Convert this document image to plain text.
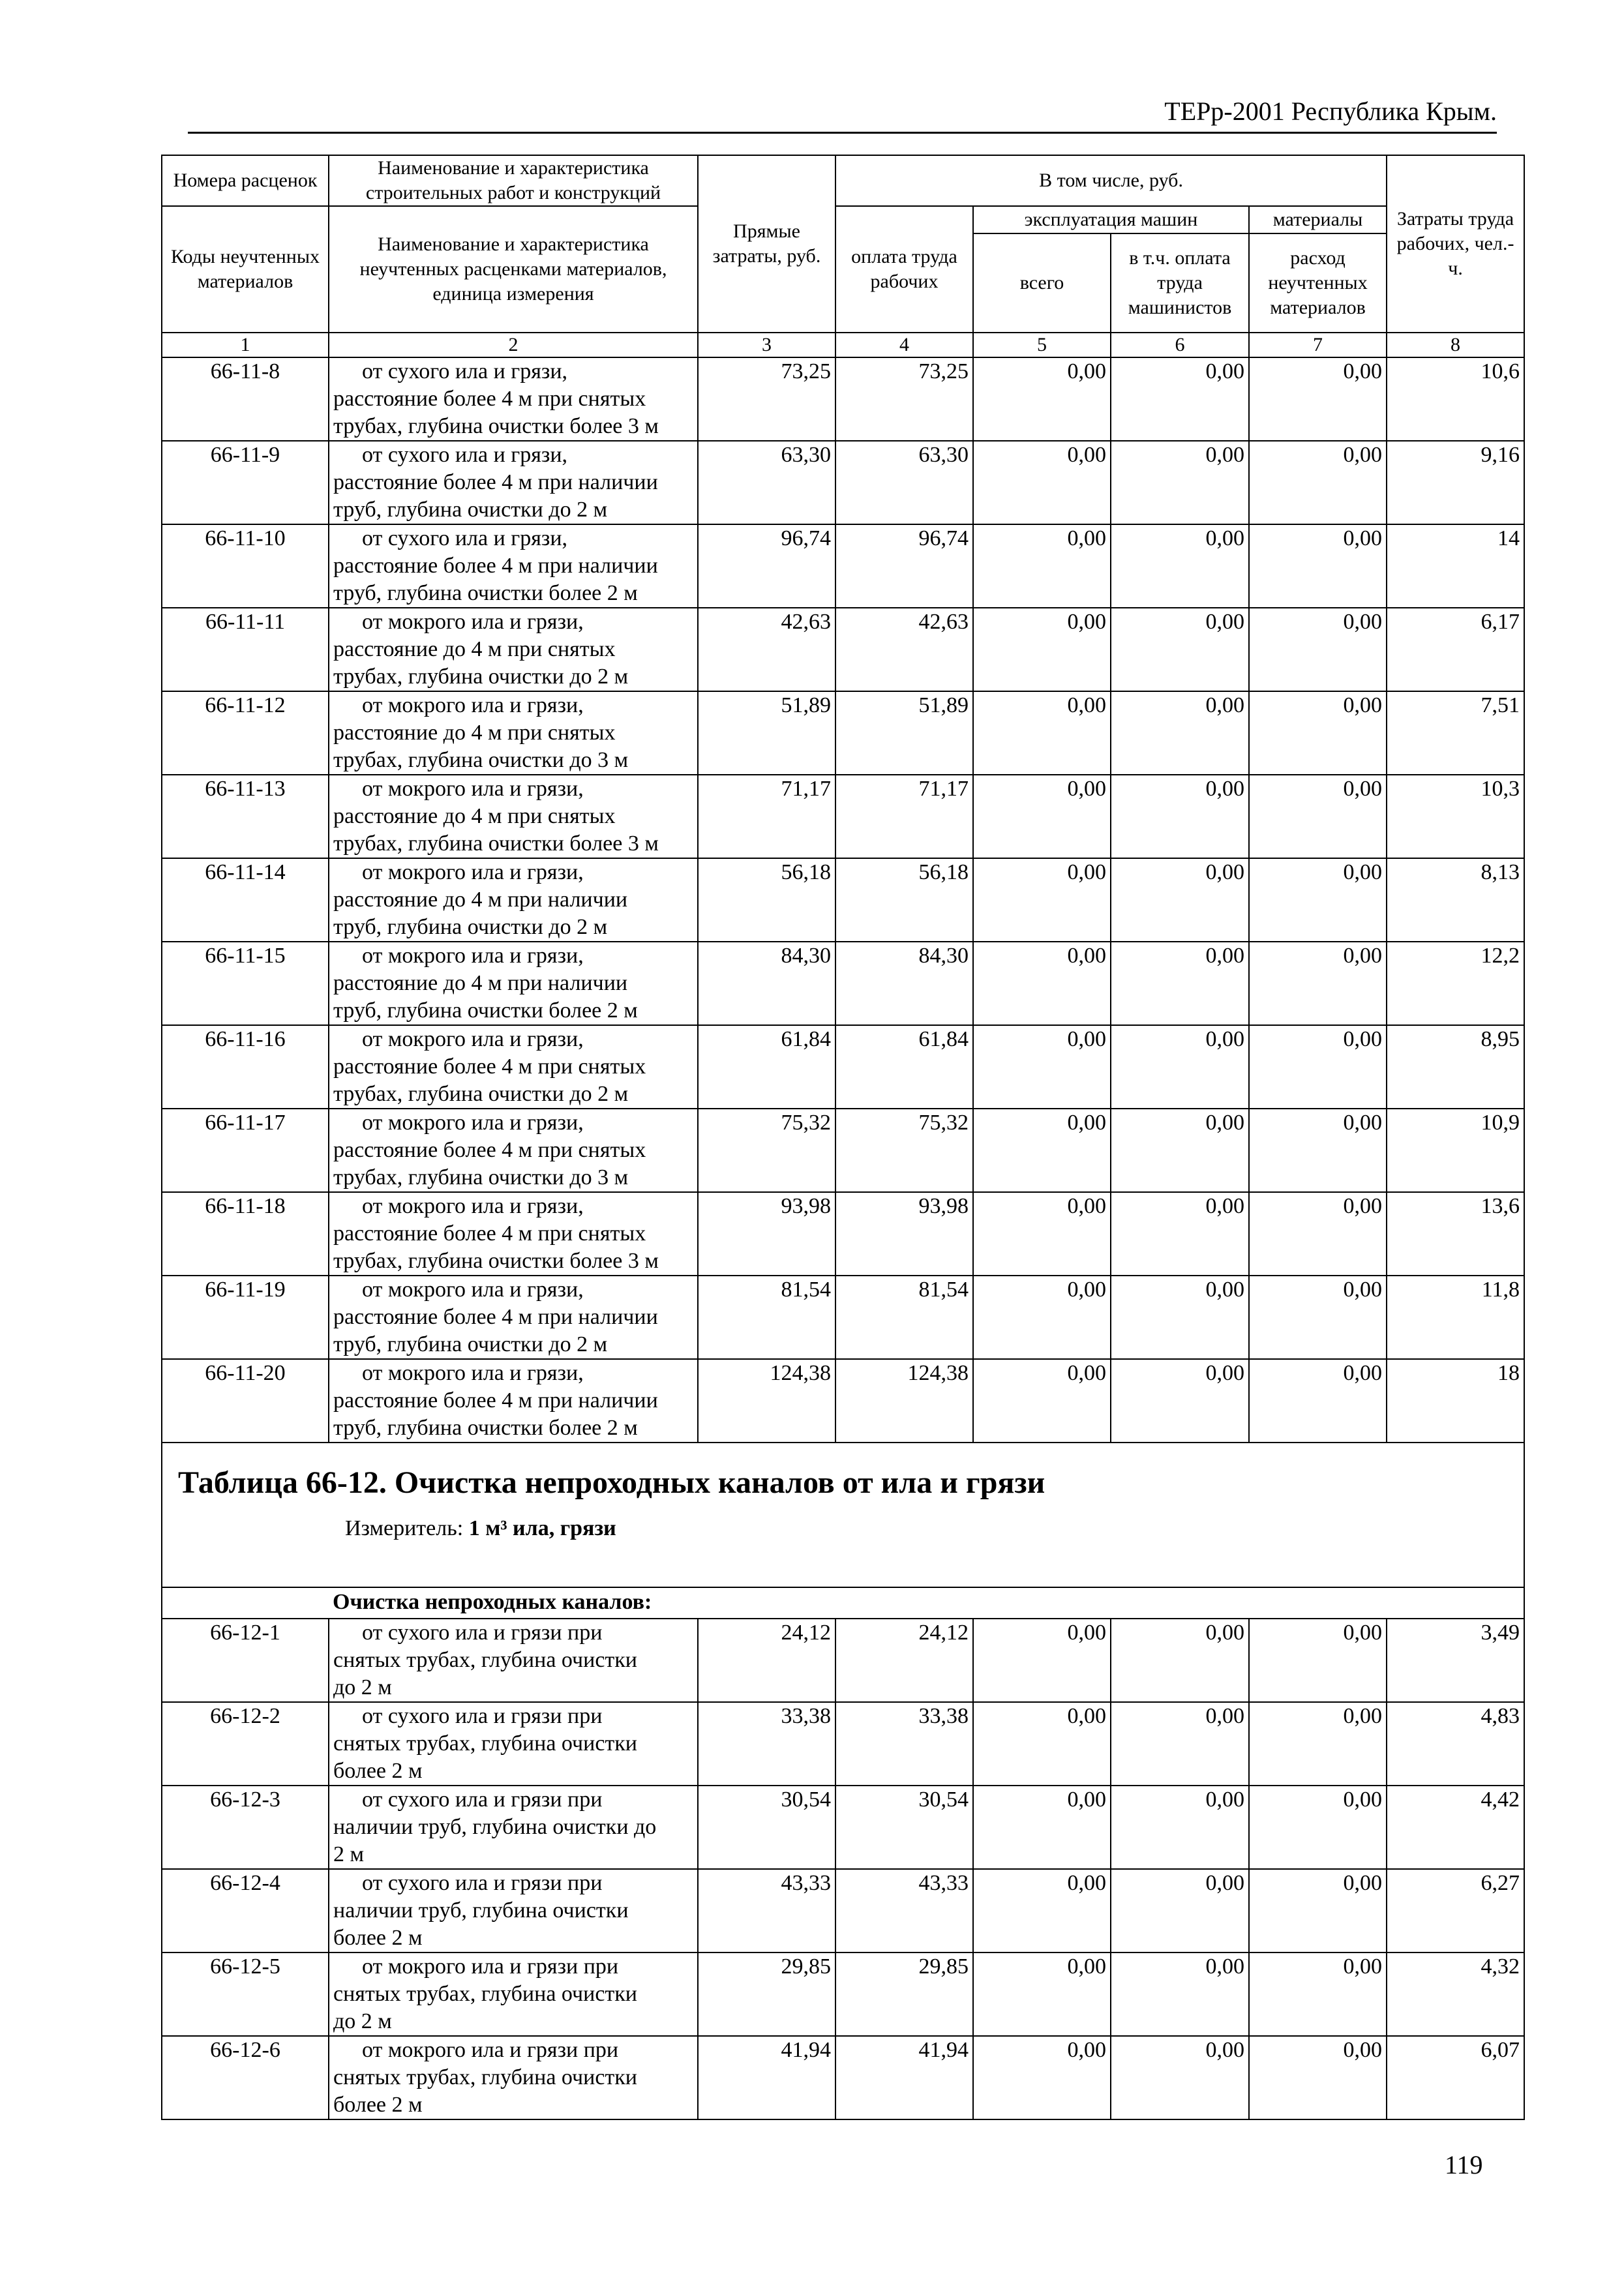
ТЕРр-2001 Республика Крым.
Номера расценок	Наименование и характеристика строительных работ и конструкций	Прямые затраты, руб.	В том числе, руб.				Затраты труда рабочих, чел.-ч.
Коды неучтенных материалов	Наименование и характеристика неучтенных расценками материалов, единица измерения		оплата труда рабочих	эксплуатация машин		материалы	
				всего	в т.ч. оплата труда машинистов	расход неучтенных материалов	
1	2	3	4	5	6	7	8
66-11-8	от сухого ила и грязи,
расстояние более 4 м при снятых
трубах, глубина очистки более 3 м	73,25	73,25	0,00	0,00	0,00	10,6
66-11-9	от сухого ила и грязи,
расстояние более 4 м при наличии
труб, глубина очистки до 2 м	63,30	63,30	0,00	0,00	0,00	9,16
66-11-10	от сухого ила и грязи,
расстояние более 4 м при наличии
труб, глубина очистки более 2 м	96,74	96,74	0,00	0,00	0,00	14
66-11-11	от мокрого ила и грязи,
расстояние до 4 м при снятых
трубах, глубина очистки до 2 м	42,63	42,63	0,00	0,00	0,00	6,17
66-11-12	от мокрого ила и грязи,
расстояние до 4 м при снятых
трубах, глубина очистки до 3 м	51,89	51,89	0,00	0,00	0,00	7,51
66-11-13	от мокрого ила и грязи,
расстояние до 4 м при снятых
трубах, глубина очистки более 3 м	71,17	71,17	0,00	0,00	0,00	10,3
66-11-14	от мокрого ила и грязи,
расстояние до 4 м при наличии
труб, глубина очистки до 2 м	56,18	56,18	0,00	0,00	0,00	8,13
66-11-15	от мокрого ила и грязи,
расстояние до 4 м при наличии
труб, глубина очистки более 2 м	84,30	84,30	0,00	0,00	0,00	12,2
66-11-16	от мокрого ила и грязи,
расстояние более 4 м при снятых
трубах, глубина очистки до 2 м	61,84	61,84	0,00	0,00	0,00	8,95
66-11-17	от мокрого ила и грязи,
расстояние более 4 м при снятых
трубах, глубина очистки до 3 м	75,32	75,32	0,00	0,00	0,00	10,9
66-11-18	от мокрого ила и грязи,
расстояние более 4 м при снятых
трубах, глубина очистки более 3 м	93,98	93,98	0,00	0,00	0,00	13,6
66-11-19	от мокрого ила и грязи,
расстояние более 4 м при наличии
труб, глубина очистки до 2 м	81,54	81,54	0,00	0,00	0,00	11,8
66-11-20	от мокрого ила и грязи,
расстояние более 4 м при наличии
труб, глубина очистки более 2 м	124,38	124,38	0,00	0,00	0,00	18

Таблица 66-12. Очистка непроходных каналов от ила и грязи
Измеритель: 1 м³ ила, грязи							

	Очистка непроходных каналов:						
66-12-1	от сухого ила и грязи при
снятых трубах, глубина очистки
до 2 м	24,12	24,12	0,00	0,00	0,00	3,49
66-12-2	от сухого ила и грязи при
снятых трубах, глубина очистки
более 2 м	33,38	33,38	0,00	0,00	0,00	4,83
66-12-3	от сухого ила и грязи при
наличии труб, глубина очистки до
2 м	30,54	30,54	0,00	0,00	0,00	4,42
66-12-4	от сухого ила и грязи при
наличии труб, глубина очистки
более 2 м	43,33	43,33	0,00	0,00	0,00	6,27
66-12-5	от мокрого ила и грязи при
снятых трубах, глубина очистки
до 2 м	29,85	29,85	0,00	0,00	0,00	4,32
66-12-6	от мокрого ила и грязи при
снятых трубах, глубина очистки
более 2 м	41,94	41,94	0,00	0,00	0,00	6,07
119
